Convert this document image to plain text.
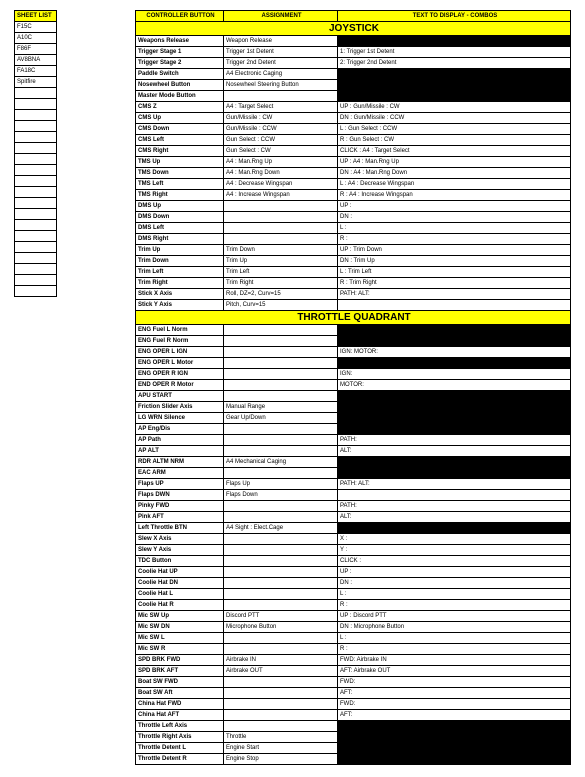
SHEET LIST
F15C
A10C
F86F
AV8BNA
FA18C
Spitfire

CONTROLLER BUTTON	ASSIGNMENT	TEXT TO DISPLAY - COMBOS
JOYSTICK		
Weapons Release	Weapon Release	
Trigger Stage 1	Trigger 1st Detent	1: Trigger 1st Detent
Trigger Stage 2	Trigger 2nd Detent	2: Trigger 2nd Detent
Paddle Switch	A4 Electronic Caging	
Nosewheel Button	Nosewheel Steering Button	
Master Mode Button		
CMS Z	A4 : Target Select	UP : Gun/Missile : CW
CMS Up	Gun/Missile : CW	DN : Gun/Missile : CCW
CMS Down	Gun/Missile : CCW	L : Gun Select : CCW
CMS Left	Gun Select : CCW	R : Gun Select : CW
CMS Right	Gun Select : CW	CLICK : A4 : Target Select
TMS Up	A4 : Man.Rng Up	UP : A4 : Man.Rng Up
TMS Down	A4 : Man.Rng Down	DN : A4 : Man.Rng Down
TMS Left	A4 : Decrease Wingspan	L : A4 : Decrease Wingspan
TMS Right	A4 : Increase Wingspan	R : A4 : Increase Wingspan
DMS Up		UP :
DMS Down		DN :
DMS Left		L :
DMS Right		R :
Trim Up	Trim Down	UP : Trim Down
Trim Down	Trim Up	DN : Trim Up
Trim Left	Trim Left	L : Trim Left
Trim Right	Trim Right	R : Trim Right
Stick X Axis	Roll, DZ=2, Curv=15	PATH: ALT:
Stick Y Axis	Pitch, Curv=15	
THROTTLE QUADRANT		
ENG Fuel L Norm		
ENG Fuel R Norm		
ENG OPER L IGN		IGN: MOTOR:
ENG OPER L Motor		
ENG OPER R IGN		IGN:
END OPER R Motor		MOTOR:
APU START		
Friction Slider Axis	Manual Range	
LG WRN Silence	Gear Up/Down	
AP Eng/Dis		
AP Path		PATH:
AP ALT		ALT:
RDR ALTM NRM	A4 Mechanical Caging	
EAC ARM		
Flaps UP	Flaps Up	PATH: ALT:
Flaps DWN	Flaps Down	
Pinky FWD		PATH:
Pink AFT		ALT:
Left Throttle BTN	A4 Sight : Elect.Cage	
Slew X Axis		X :
Slew Y Axis		Y :
TDC Button		CLICK :
Coolie Hat UP		UP :
Coolie Hat DN		DN :
Coolie Hat L		L :
Coolie Hat R		R :
Mic SW Up	Discord PTT	UP : Discord PTT
Mic SW DN	Microphone Button	DN : Microphone Button
Mic SW L		L :
Mic SW R		R :
SPD BRK FWD	Airbrake IN	FWD: Airbrake IN
SPD BRK AFT	Airbrake OUT	AFT: Airbrake OUT
Boat SW FWD		FWD:
Boat SW Aft		AFT:
China Hat FWD		FWD:
China Hat AFT		AFT:
Throttle Left Axis		
Throttle Right Axis	Throttle	
Throttle Detent L	Engine Start	
Throttle Detent R	Engine Stop	
